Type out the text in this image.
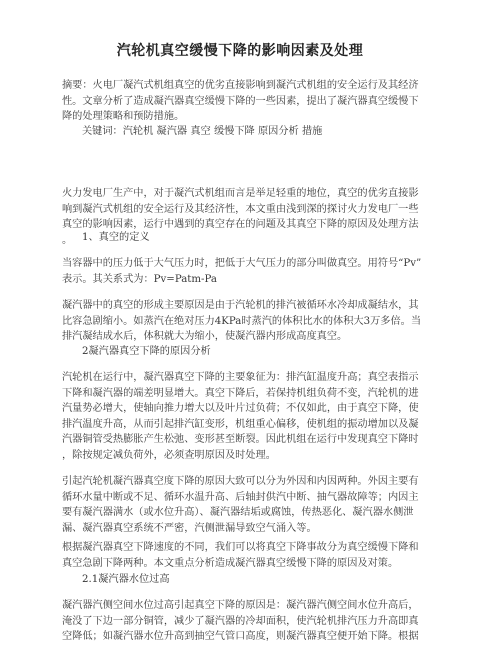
汽轮机真空缓慢下降的影响因素及处理

摘要：火电厂凝汽式机组真空的优劣直接影响到凝汽式机组的安全运行及其经济
性。文章分析了造成凝汽器真空缓慢下降的一些因素，提出了凝汽器真空缓慢下
降的处理策略和预防措施。

关键词：汽轮机 凝汽器 真空 缓慢下降 原因分析 措施

火力发电厂生产中，对于凝汽式机组而言是举足轻重的地位，真空的优劣直接影
响到凝汽式机组的安全运行及其经济性，本文重由浅到深的探讨火力发电厂一些
真空的影响因素，运行中遇到的真空存在的问题及其真空下降的原因及处理方法
。 1、真空的定义

当容器中的压力低于大气压力时，把低于大气压力的部分叫做真空。用符号“Pv”
表示。其关系式为：Pv=Patm-Pa

凝汽器中的真空的形成主要原因是由于汽轮机的排汽被循环水冷却成凝结水，其
比容急剧缩小。如蒸汽在绝对压力4KPa时蒸汽的体积比水的体积大3万多倍。当
排汽凝结成水后，体积就大为缩小，使凝汽器内形成高度真空。

2凝汽器真空下降的原因分析

汽轮机在运行中，凝汽器真空下降的主要象征为：排汽缸温度升高；真空表指示
下降和凝汽器的端差明显增大。真空下降后，若保持机组负荷不变，汽轮机的进
汽量势必增大，使轴向推力增大以及叶片过负荷；不仅如此，由于真空下降，使
排汽温度升高，从而引起排汽缸变形，机组重心偏移，使机组的振动增加以及凝
汽器铜管受热膨胀产生松弛、变形甚至断裂。因此机组在运行中发现真空下降时
，除按规定减负荷外，必须查明原因及时处理。

引起汽轮机凝汽器真空度下降的原因大致可以分为外因和内因两种。外因主要有
循环水量中断或不足、循环水温升高、后轴封供汽中断、抽气器故障等；内因主
要有凝汽器满水（或水位升高）、凝汽器结垢或腐蚀，传热恶化、凝汽器水侧泄
漏、凝汽器真空系统不严密，汽侧泄漏导致空气涌入等。

根据凝汽器真空下降速度的不同，我们可以将真空下降事故分为真空缓慢下降和
真空急剧下降两种。本文重点分析造成凝汽器真空缓慢下降的原因及对策。

2.1凝汽器水位过高

凝汽器汽侧空间水位过高引起真空下降的原因是：凝汽器汽侧空间水位升高后，
淹没了下边一部分铜管，减少了凝汽器的冷却面积，使汽轮机排汽压力升高即真
空降低；如凝汽器水位升高到抽空气管口高度，则凝汽器真空便开始下降。根据
